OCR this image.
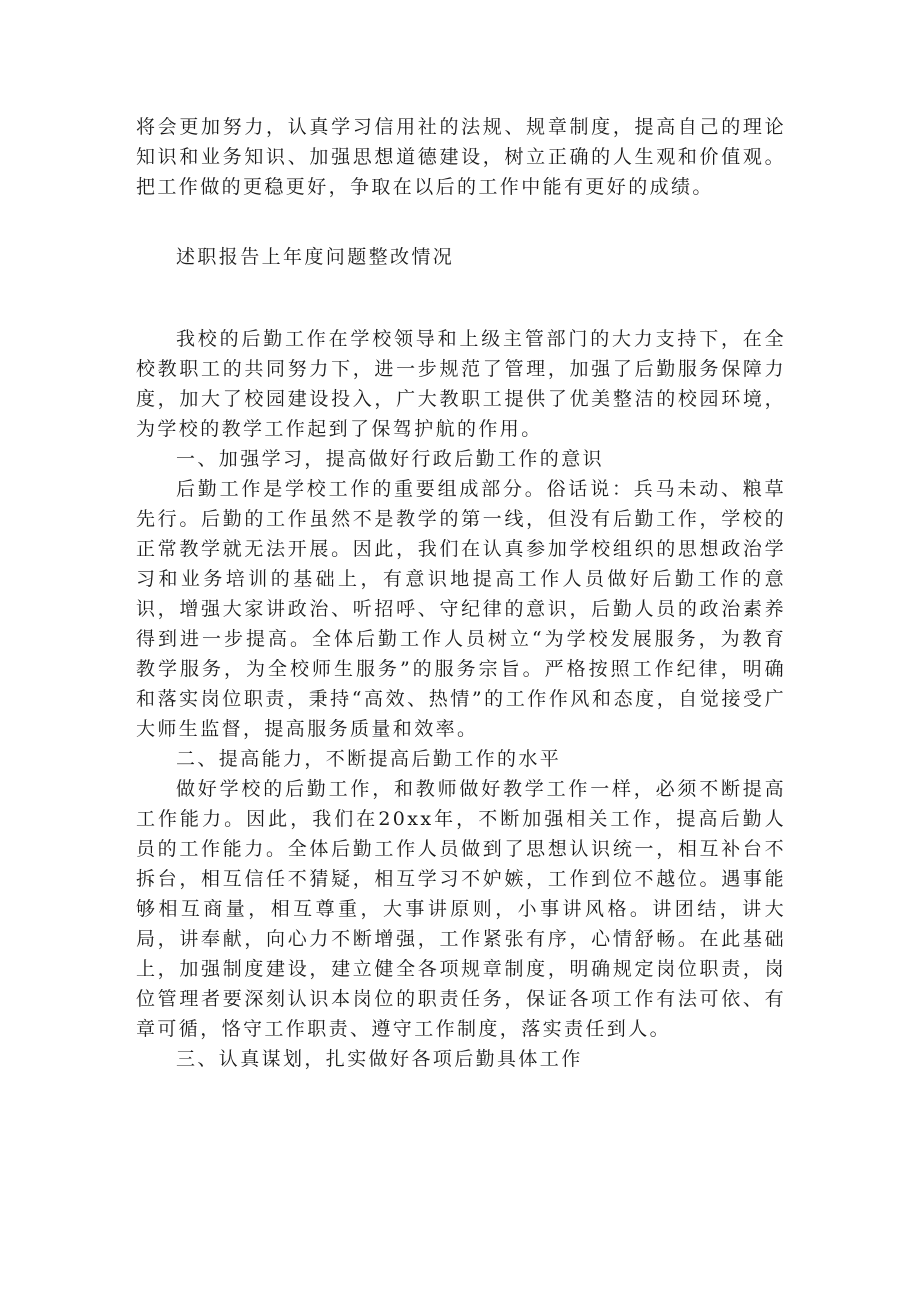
将会更加努力，认真学习信用社的法规、规章制度，提高自己的理论知识和业务知识、加强思想道德建设，树立正确的人生观和价值观。把工作做的更稳更好，争取在以后的工作中能有更好的成绩。

述职报告上年度问题整改情况

我校的后勤工作在学校领导和上级主管部门的大力支持下，在全校教职工的共同努力下，进一步规范了管理，加强了后勤服务保障力度，加大了校园建设投入，广大教职工提供了优美整洁的校园环境，为学校的教学工作起到了保驾护航的作用。

一、加强学习，提高做好行政后勤工作的意识

后勤工作是学校工作的重要组成部分。俗话说：兵马未动、粮草先行。后勤的工作虽然不是教学的第一线，但没有后勤工作，学校的正常教学就无法开展。因此，我们在认真参加学校组织的思想政治学习和业务培训的基础上，有意识地提高工作人员做好后勤工作的意识，增强大家讲政治、听招呼、守纪律的意识，后勤人员的政治素养得到进一步提高。全体后勤工作人员树立“为学校发展服务，为教育教学服务，为全校师生服务”的服务宗旨。严格按照工作纪律，明确和落实岗位职责，秉持“高效、热情”的工作作风和态度，自觉接受广大师生监督，提高服务质量和效率。

二、提高能力，不断提高后勤工作的水平

做好学校的后勤工作，和教师做好教学工作一样，必须不断提高工作能力。因此，我们在20xx年，不断加强相关工作，提高后勤人员的工作能力。全体后勤工作人员做到了思想认识统一，相互补台不拆台，相互信任不猜疑，相互学习不妒嫉，工作到位不越位。遇事能够相互商量，相互尊重，大事讲原则，小事讲风格。讲团结，讲大局，讲奉献，向心力不断增强，工作紧张有序，心情舒畅。在此基础上，加强制度建设，建立健全各项规章制度，明确规定岗位职责，岗位管理者要深刻认识本岗位的职责任务，保证各项工作有法可依、有章可循，恪守工作职责、遵守工作制度，落实责任到人。

三、认真谋划，扎实做好各项后勤具体工作
